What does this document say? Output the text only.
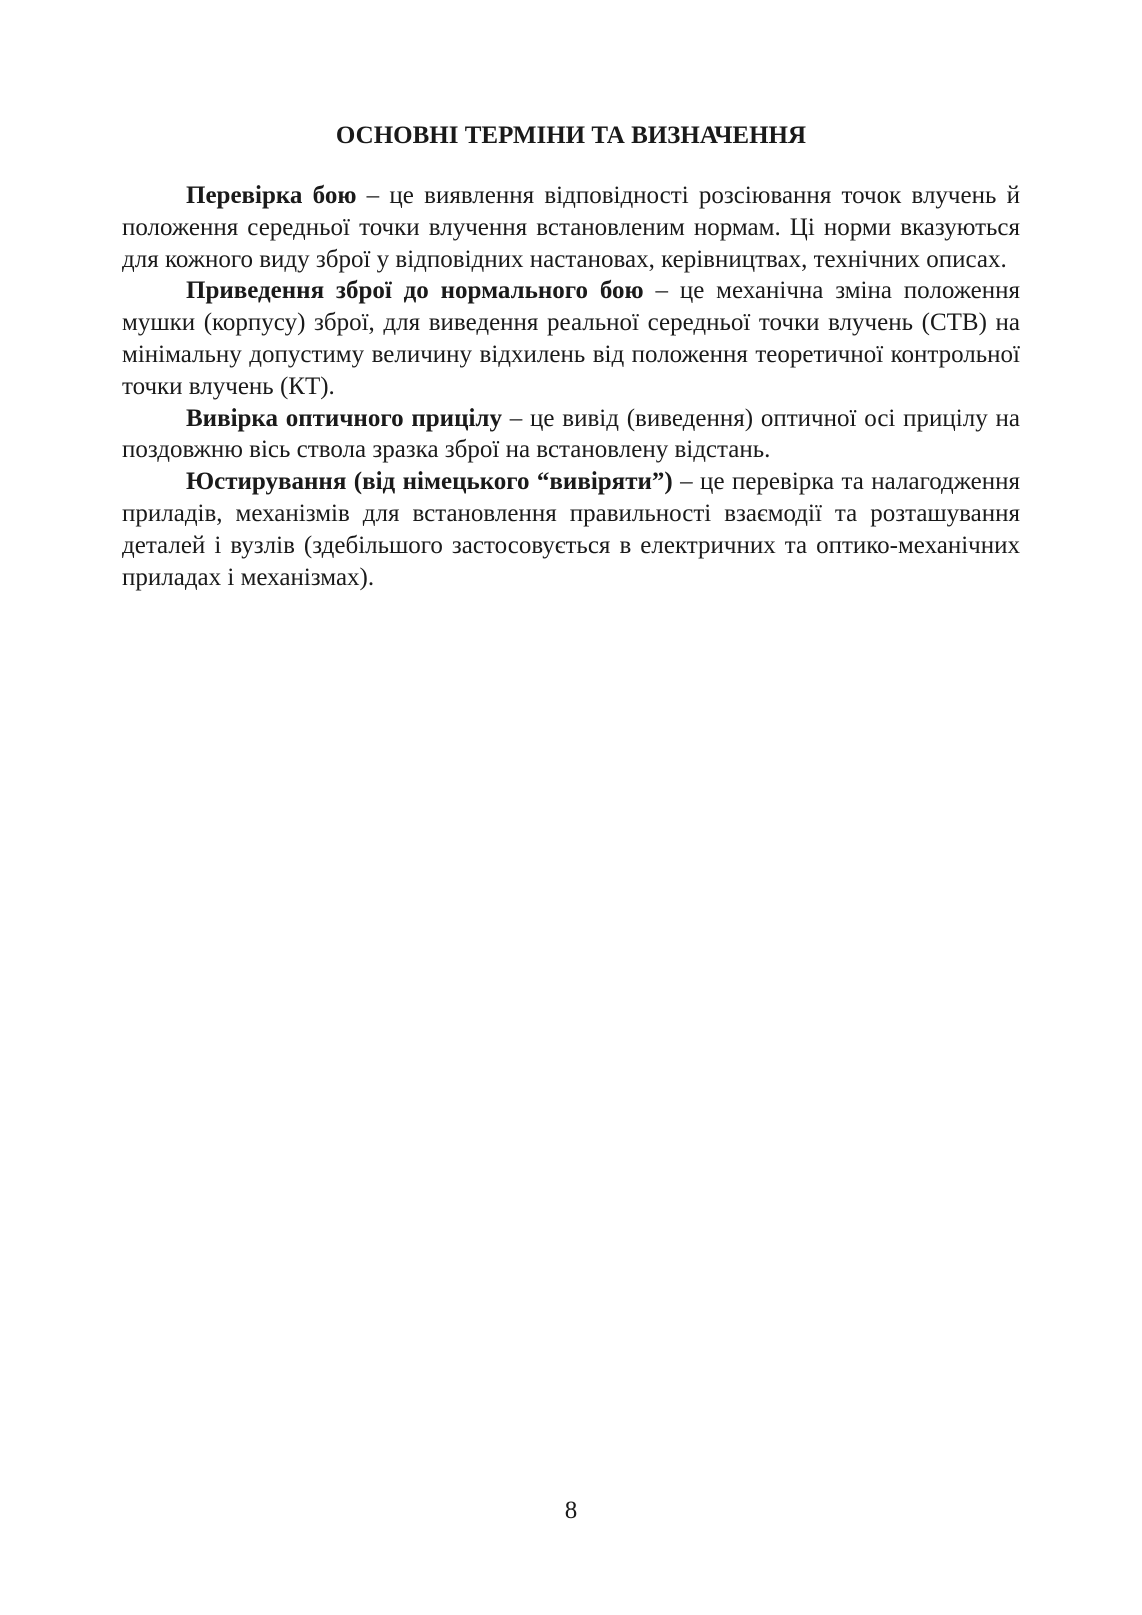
ОСНОВНІ ТЕРМІНИ ТА ВИЗНАЧЕННЯ

Перевірка бою – це виявлення відповідності розсіювання точок влучень й положення середньої точки влучення встановленим нормам. Ці норми вказуються для кожного виду зброї у відповідних настановах, керівництвах, технічних описах.

Приведення зброї до нормального бою – це механічна зміна положення мушки (корпусу) зброї, для виведення реальної середньої точки влучень (СТВ) на мінімальну допустиму величину відхилень від положення теоретичної контрольної точки влучень (КТ).

Вивірка оптичного прицілу – це вивід (виведення) оптичної осі прицілу на поздовжню вісь ствола зразка зброї на встановлену відстань.

Юстирування (від німецького “вивіряти”) – це перевірка та налагодження приладів, механізмів для встановлення правильності взаємодії та розташування деталей і вузлів (здебільшого застосовується в електричних та оптико-механічних приладах і механізмах).

8
